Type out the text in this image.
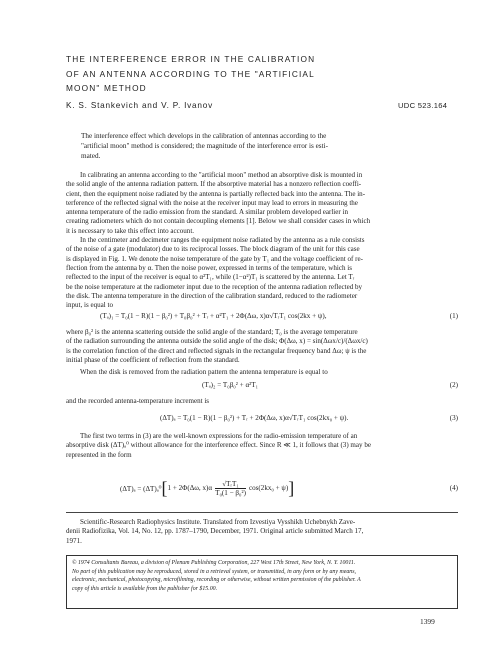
THE INTERFERENCE ERROR IN THE CALIBRATION
OF AN ANTENNA ACCORDING TO THE "ARTIFICIAL
MOON" METHOD
K. S. Stankevich and V. P. Ivanov	UDC 523.164
The interference effect which develops in the calibration of antennas according to the
"artificial moon" method is considered; the magnitude of the interference error is esti-
mated.
In calibrating an antenna according to the "artificial moon" method an absorptive disk is mounted in
the solid angle of the antenna radiation pattern. If the absorptive material has a nonzero reflection coeffi-
cient, then the equipment noise radiated by the antenna is partially reflected back into the antenna. The in-
terference of the reflected signal with the noise at the receiver input may lead to errors in measuring the
antenna temperature of the radio emission from the standard. A similar problem developed earlier in
creating radiometers which do not contain decoupling elements [1]. Below we shall consider cases in which
it is necessary to take this effect into account.
In the centimeter and decimeter ranges the equipment noise radiated by the antenna as a rule consists
of the noise of a gate (modulator) due to its reciprocal losses. The block diagram of the unit for this case
is displayed in Fig. 1. We denote the noise temperature of the gate by T₁ and the voltage coefficient of re-
flection from the antenna by α. Then the noise power, expressed in terms of the temperature, which is
reflected to the input of the receiver is equal to α²T₁, while (1−α²)T₁ is scattered by the antenna. Let Tᵣ
be the noise temperature at the radiometer input due to the reception of the antenna radiation reflected by
the disk. The antenna temperature in the direction of the calibration standard, reduced to the radiometer
input, is equal to
(Tₐ)₁ = T₀(1 − R)(1 − β₀²) + T₀β₀² + Tᵣ + α²T₁ + 2Φ(Δω, x)α√TᵣT₁ cos(2kx + ψ),	(1)
where β₀² is the antenna scattering outside the solid angle of the standard; T₀ is the average temperature
of the radiation surrounding the antenna outside the solid angle of the disk; Φ(Δω, x) = sin(Δωx/c)/(Δωx/c)
is the correlation function of the direct and reflected signals in the rectangular frequency band Δω; ψ is the
initial phase of the coefficient of reflection from the standard.
When the disk is removed from the radiation pattern the antenna temperature is equal to
(Tₐ)₂ = T₀β₀² + α²T₁	(2)
and the recorded antenna-temperature increment is
(ΔT)ₐ = T₀(1 − R)(1 − β₀²) + Tᵣ + 2Φ(Δω, x)α√TᵣT₁ cos(2kx₀ + ψ).	(3)
The first two terms in (3) are the well-known expressions for the radio-emission temperature of an
absorptive disk (ΔT)ₐ⁰ without allowance for the interference effect. Since R ≪ 1, it follows that (3) may be
represented in the form
(ΔT)ₐ = (ΔT)ₐ⁰ [ 1 + 2Φ(Δω, $x)\alpha \frac{\text{√TᵣT₁}}{\text{T₀(1 − β₀²)}} \cos(2kx_0 + \psi)$ ]	(4)
Scientific-Research Radiophysics Institute. Translated from Izvestiya Vysshikh Uchebnykh Zave-
denii Radiofizika, Vol. 14, No. 12, pp. 1787–1790, December, 1971. Original article submitted March 17,
1971.
© 1974 Consultants Bureau, a division of Plenum Publishing Corporation, 227 West 17th Street, New York, N. Y. 10011.
No part of this publication may be reproduced, stored in a retrieval system, or transmitted, in any form or by any means,
electronic, mechanical, photocopying, microfilming, recording or otherwise, without written permission of the publisher. A
copy of this article is available from the publisher for $15.00.
1399
